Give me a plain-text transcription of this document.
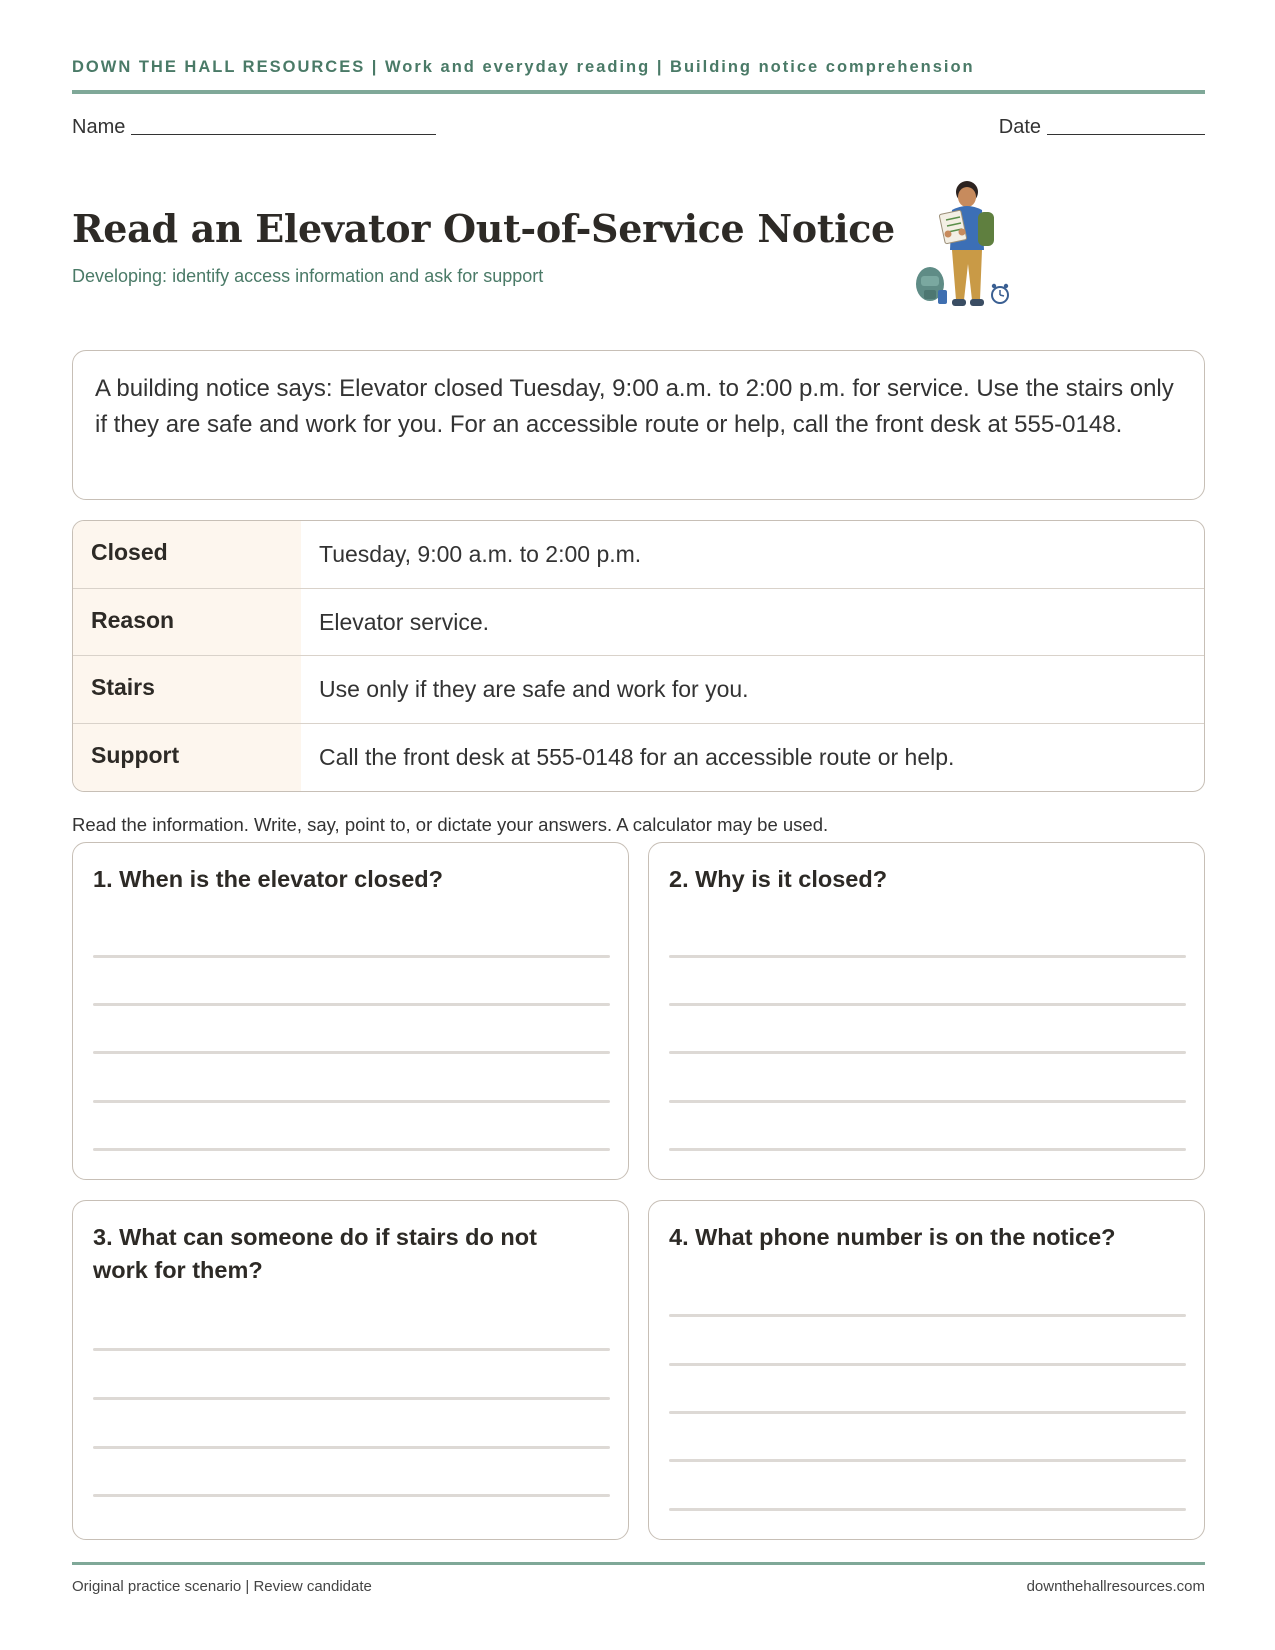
DOWN THE HALL RESOURCES | Work and everyday reading | Building notice comprehension
Name	Date
Read an Elevator Out-of-Service Notice
Developing: identify access information and ask for support
A building notice says: Elevator closed Tuesday, 9:00 a.m. to 2:00 p.m. for service. Use the stairs only if they are safe and work for you. For an accessible route or help, call the front desk at 555-0148.
Closed	Tuesday, 9:00 a.m. to 2:00 p.m.
Reason	Elevator service.
Stairs	Use only if they are safe and work for you.
Support	Call the front desk at 555-0148 for an accessible route or help.
Read the information. Write, say, point to, or dictate your answers. A calculator may be used.
1. When is the elevator closed?	2. Why is it closed?
3. What can someone do if stairs do not work for them?
4. What phone number is on the notice?
Original practice scenario | Review candidate	downthehallresources.com
